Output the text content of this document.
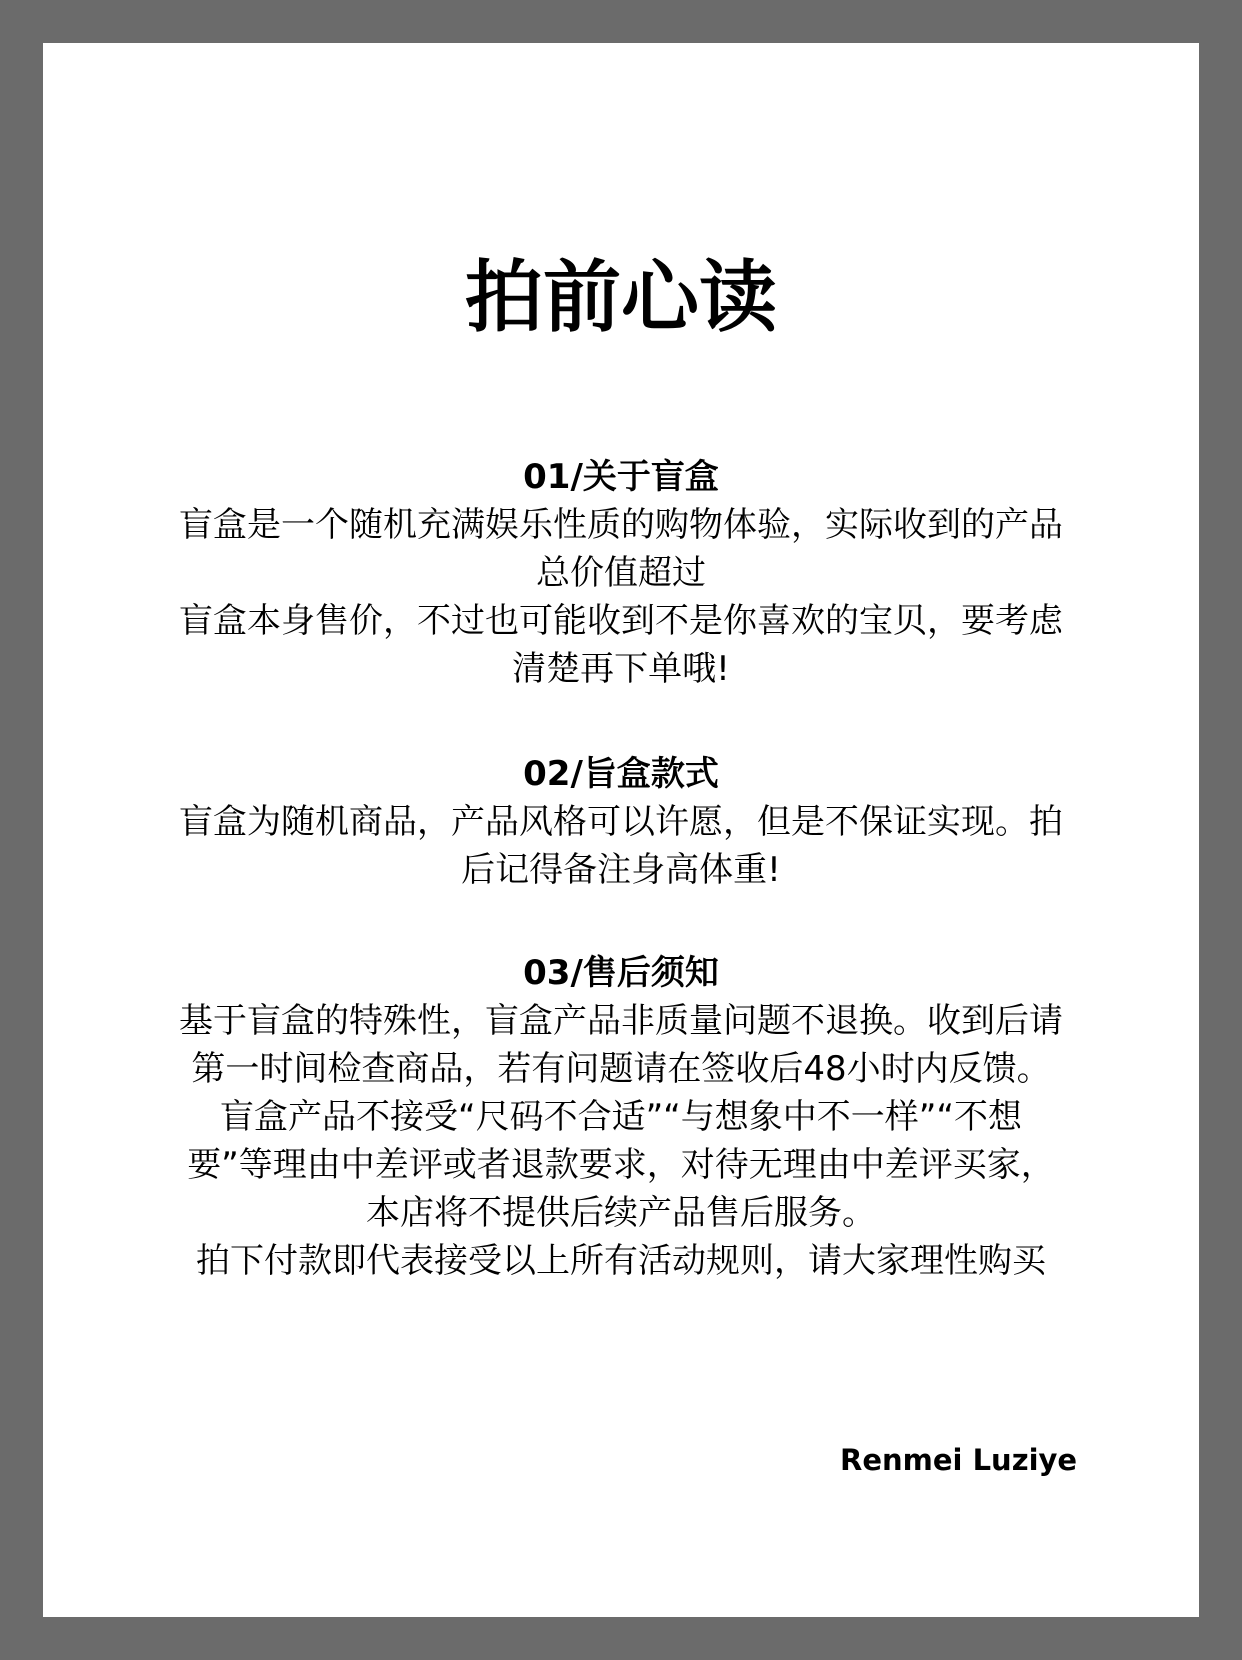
拍前心读
01/关于盲盒
盲盒是一个随机充满娱乐性质的购物体验，实际收到的产品
总价值超过
盲盒本身售价，不过也可能收到不是你喜欢的宝贝，要考虑
清楚再下单哦!
02/旨盒款式
盲盒为随机商品，产品风格可以许愿，但是不保证实现。拍
后记得备注身高体重!
03/售后须知
基于盲盒的特殊性，盲盒产品非质量问题不退换。收到后请
第一时间检查商品，若有问题请在签收后48小时内反馈。
盲盒产品不接受“尺码不合适”“与想象中不一样”“不想
要”等理由中差评或者退款要求，对待无理由中差评买家，
本店将不提供后续产品售后服务。
拍下付款即代表接受以上所有活动规则，请大家理性购买
Renmei Luziye
